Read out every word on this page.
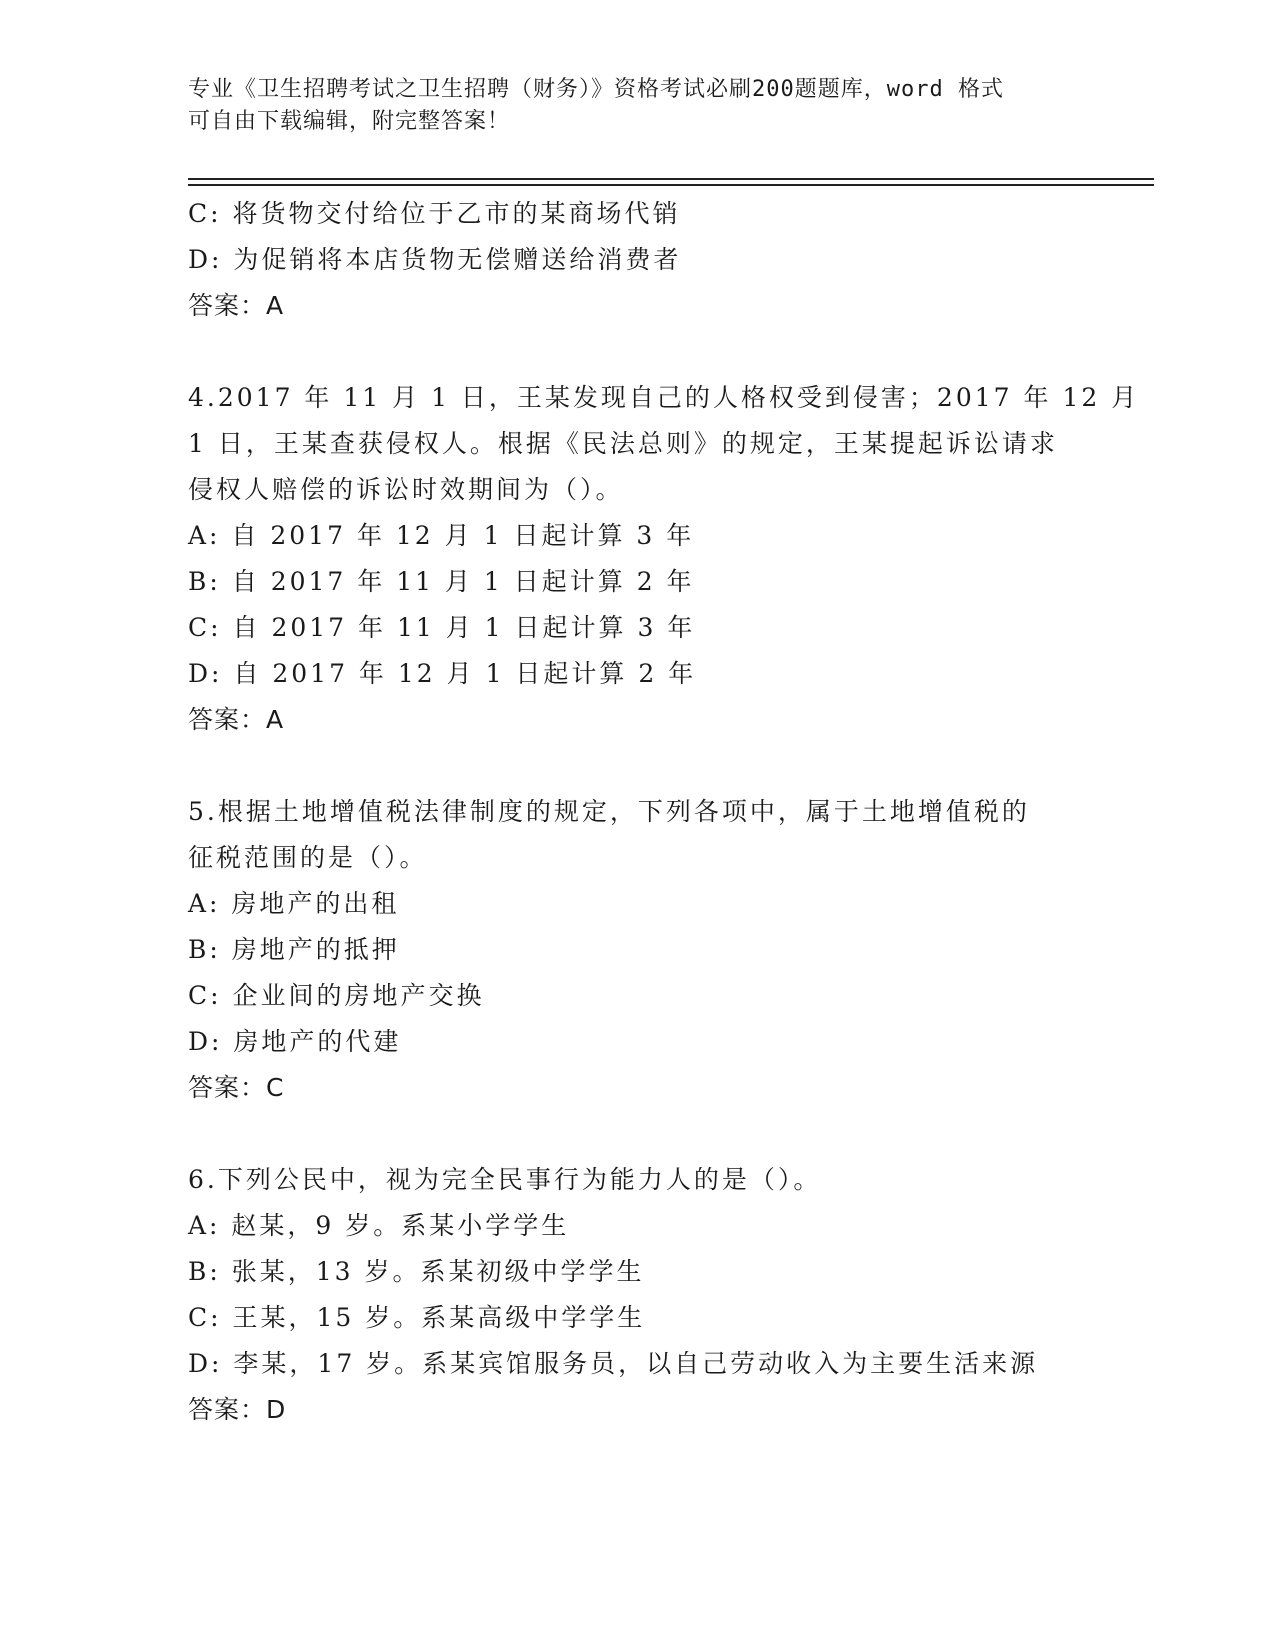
专业《卫生招聘考试之卫生招聘（财务）》资格考试必刷200题题库，word 格式
可自由下载编辑，附完整答案！
C: 将货物交付给位于乙市的某商场代销
D: 为促销将本店货物无偿赠送给消费者
答案：A
4.2017 年 11 月 1 日，王某发现自己的人格权受到侵害；2017 年 12 月
1 日，王某查获侵权人。根据《民法总则》的规定，王某提起诉讼请求
侵权人赔偿的诉讼时效期间为（）。
A: 自 2017 年 12 月 1 日起计算 3 年
B: 自 2017 年 11 月 1 日起计算 2 年
C: 自 2017 年 11 月 1 日起计算 3 年
D: 自 2017 年 12 月 1 日起计算 2 年
答案：A
5.根据土地增值税法律制度的规定，下列各项中，属于土地增值税的
征税范围的是（）。
A: 房地产的出租
B: 房地产的抵押
C: 企业间的房地产交换
D: 房地产的代建
答案：C
6.下列公民中，视为完全民事行为能力人的是（）。
A: 赵某，9 岁。系某小学学生
B: 张某，13 岁。系某初级中学学生
C: 王某，15 岁。系某高级中学学生
D: 李某，17 岁。系某宾馆服务员，以自己劳动收入为主要生活来源
答案：D
